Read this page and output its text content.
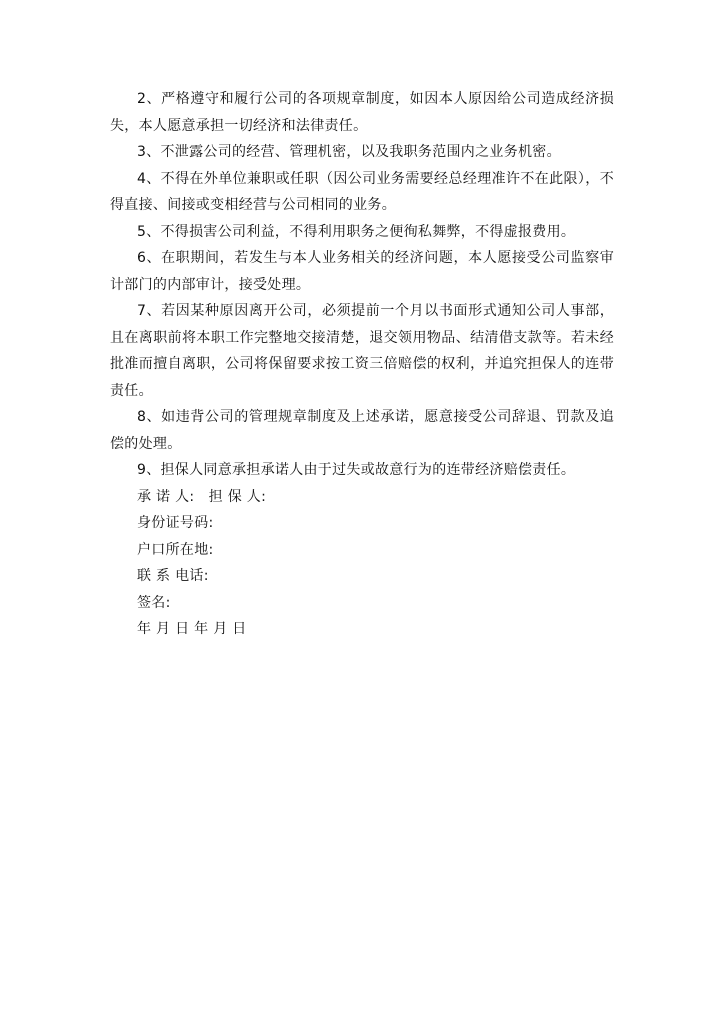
2、严格遵守和履行公司的各项规章制度，如因本人原因给公司造成经济损失，本人愿意承担一切经济和法律责任。

3、不泄露公司的经营、管理机密，以及我职务范围内之业务机密。

4、不得在外单位兼职或任职（因公司业务需要经总经理准许不在此限），不得直接、间接或变相经营与公司相同的业务。

5、不得损害公司利益，不得利用职务之便徇私舞弊，不得虚报费用。

6、在职期间，若发生与本人业务相关的经济问题，本人愿接受公司监察审计部门的内部审计，接受处理。

7、若因某种原因离开公司，必须提前一个月以书面形式通知公司人事部，且在离职前将本职工作完整地交接清楚，退交领用物品、结清借支款等。若未经批准而擅自离职，公司将保留要求按工资三倍赔偿的权利，并追究担保人的连带责任。

8、如违背公司的管理规章制度及上述承诺，愿意接受公司辞退、罚款及追偿的处理。

9、担保人同意承担承诺人由于过失或故意行为的连带经济赔偿责任。

承 诺 人:   担 保 人:

身份证号码:

户口所在地:

联 系 电话:

签名:

年 月 日 年 月 日
